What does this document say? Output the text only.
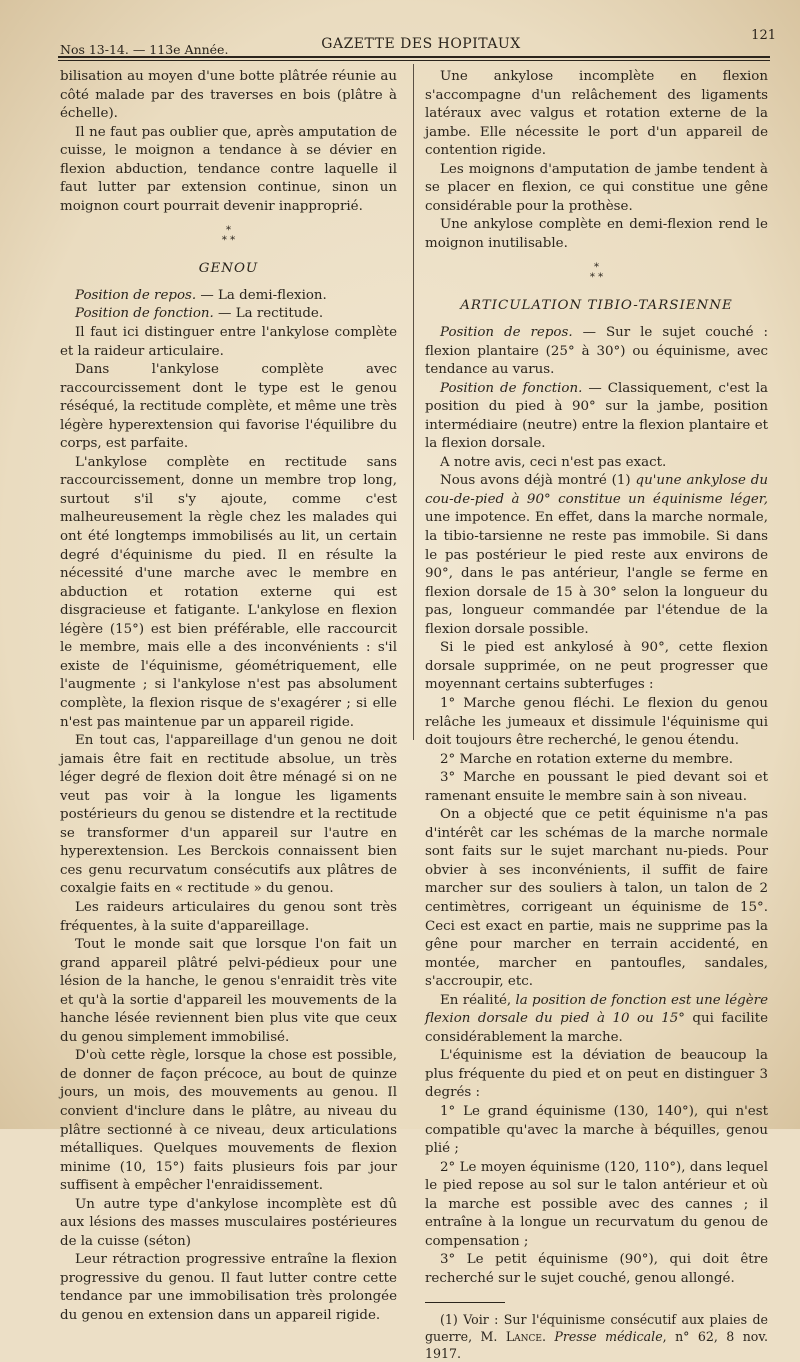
Nos 13-14. — 113e Année.	GAZETTE DES HOPITAUX
121

bilisation au moyen d'une botte plâtrée réunie au côté malade par des traverses en bois (plâtre à échelle).

Il ne faut pas oublier que, après amputation de cuisse, le moignon a tendance à se dévier en flexion abduction, tendance contre laquelle il faut lutter par extension continue, sinon un moignon court pourrait devenir inapproprié.

*
* *

GENOU

Position de repos. — La demi-flexion.

Position de fonction. — La rectitude.

Il faut ici distinguer entre l'ankylose complète et la raideur articulaire.

Dans l'ankylose complète avec raccourcissement dont le type est le genou réséqué, la rectitude complète, et même une très légère hyperextension qui favorise l'équilibre du corps, est parfaite.

L'ankylose complète en rectitude sans raccourcissement, donne un membre trop long, surtout s'il s'y ajoute, comme c'est malheureusement la règle chez les malades qui ont été longtemps immobilisés au lit, un certain degré d'équinisme du pied. Il en résulte la nécessité d'une marche avec le membre en abduction et rotation externe qui est disgracieuse et fatigante. L'ankylose en flexion légère (15°) est bien préférable, elle raccourcit le membre, mais elle a des inconvénients : s'il existe de l'équinisme, géométriquement, elle l'augmente ; si l'ankylose n'est pas absolument complète, la flexion risque de s'exagérer ; si elle n'est pas maintenue par un appareil rigide.

En tout cas, l'appareillage d'un genou ne doit jamais être fait en rectitude absolue, un très léger degré de flexion doit être ménagé si on ne veut pas voir à la longue les ligaments postérieurs du genou se distendre et la rectitude se transformer d'un appareil sur l'autre en hyperextension. Les Berckois connaissent bien ces genu recurvatum consécutifs aux plâtres de coxalgie faits en « rectitude » du genou.

Les raideurs articulaires du genou sont très fréquentes, à la suite d'appareillage.

Tout le monde sait que lorsque l'on fait un grand appareil plâtré pelvi-pédieux pour une lésion de la hanche, le genou s'enraidit très vite et qu'à la sortie d'appareil les mouvements de la hanche lésée reviennent bien plus vite que ceux du genou simplement immobilisé.

D'où cette règle, lorsque la chose est possible, de donner de façon précoce, au bout de quinze jours, un mois, des mouvements au genou. Il convient d'inclure dans le plâtre, au niveau du plâtre sectionné à ce niveau, deux articulations métalliques. Quelques mouvements de flexion minime (10, 15°) faits plusieurs fois par jour suffisent à empêcher l'enraidissement.

Un autre type d'ankylose incomplète est dû aux lésions des masses musculaires postérieures de la cuisse (séton)

Leur rétraction progressive entraîne la flexion progressive du genou. Il faut lutter contre cette tendance par une immobilisation très prolongée du genou en extension dans un appareil rigide.

Une ankylose incomplète en flexion s'accompagne d'un relâchement des ligaments latéraux avec valgus et rotation externe de la jambe. Elle nécessite le port d'un appareil de contention rigide.

Les moignons d'amputation de jambe tendent à se placer en flexion, ce qui constitue une gêne considérable pour la prothèse.

Une ankylose complète en demi-flexion rend le moignon inutilisable.

*
* *

ARTICULATION TIBIO-TARSIENNE

Position de repos. — Sur le sujet couché : flexion plantaire (25° à 30°) ou équinisme, avec tendance au varus.

Position de fonction. — Classiquement, c'est la position du pied à 90° sur la jambe, position intermédiaire (neutre) entre la flexion plantaire et la flexion dorsale.

A notre avis, ceci n'est pas exact.

Nous avons déjà montré (1) qu'une ankylose du cou-de-pied à 90° constitue un équinisme léger, une impotence. En effet, dans la marche normale, la tibio-tarsienne ne reste pas immobile. Si dans le pas postérieur le pied reste aux environs de 90°, dans le pas antérieur, l'angle se ferme en flexion dorsale de 15 à 30° selon la longueur du pas, longueur commandée par l'étendue de la flexion dorsale possible.

Si le pied est ankylosé à 90°, cette flexion dorsale supprimée, on ne peut progresser que moyennant certains subterfuges :

1° Marche genou fléchi. Le flexion du genou relâche les jumeaux et dissimule l'équinisme qui doit toujours être recherché, le genou étendu.

2° Marche en rotation externe du membre.

3° Marche en poussant le pied devant soi et ramenant ensuite le membre sain à son niveau.

On a objecté que ce petit équinisme n'a pas d'intérêt car les schémas de la marche normale sont faits sur le sujet marchant nu-pieds. Pour obvier à ses inconvénients, il suffit de faire marcher sur des souliers à talon, un talon de 2 centimètres, corrigeant un équinisme de 15°. Ceci est exact en partie, mais ne supprime pas la gêne pour marcher en terrain accidenté, en montée, marcher en pantoufles, sandales, s'accroupir, etc.

En réalité, la position de fonction est une légère flexion dorsale du pied à 10 ou 15° qui facilite considérablement la marche.

L'équinisme est la déviation de beaucoup la plus fréquente du pied et on peut en distinguer 3 degrés :

1° Le grand équinisme (130, 140°), qui n'est compatible qu'avec la marche à béquilles, genou plié ;

2° Le moyen équinisme (120, 110°), dans lequel le pied repose au sol sur le talon antérieur et où la marche est possible avec des cannes ; il entraîne à la longue un recurvatum du genou de compensation ;

3° Le petit équinisme (90°), qui doit être recherché sur le sujet couché, genou allongé.

(1) Voir : Sur l'équinisme consécutif aux plaies de guerre, M. Lance. Presse médicale, n° 62, 8 nov. 1917.
